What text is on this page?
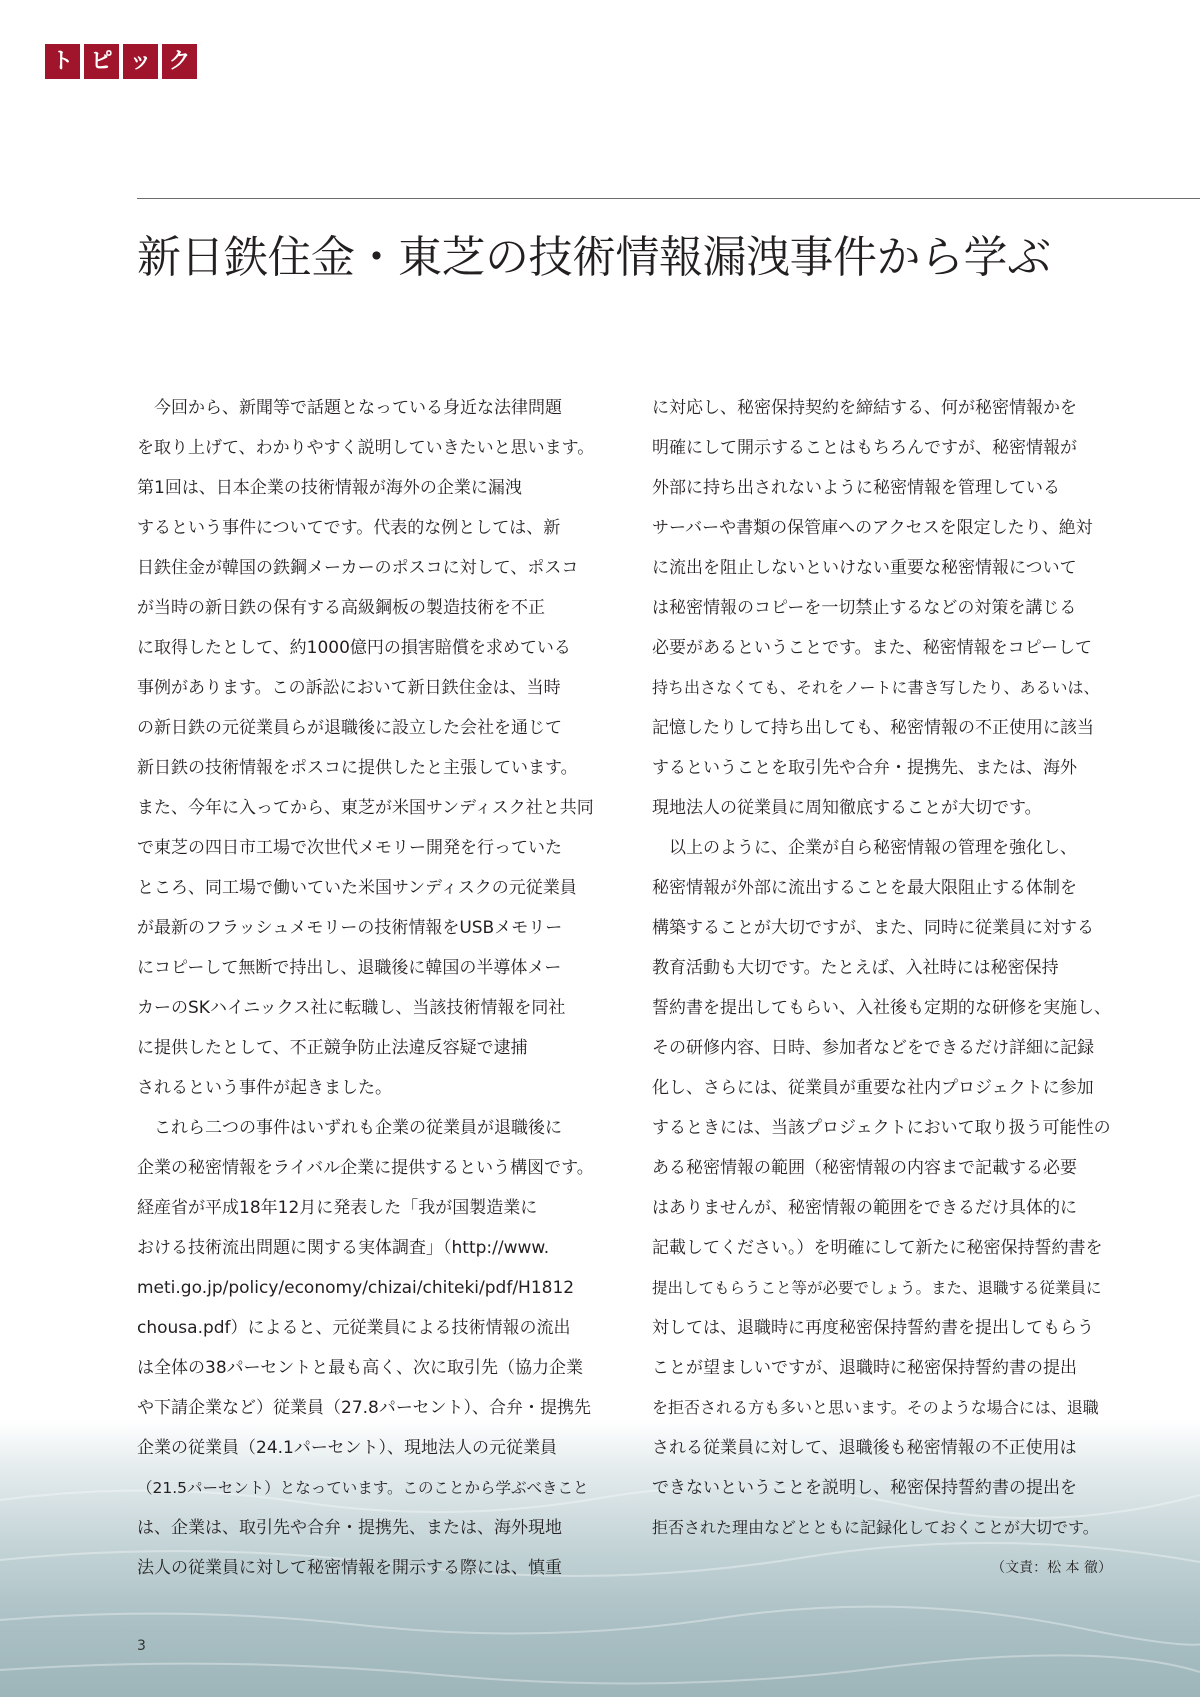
ト ピ ッ ク
新日鉄住金・東芝の技術情報漏洩事件から学ぶ
　今回から、新聞等で話題となっている身近な法律問題
を取り上げて、わかりやすく説明していきたいと思います。
第1回は、日本企業の技術情報が海外の企業に漏洩
するという事件についてです。代表的な例としては、新
日鉄住金が韓国の鉄鋼メーカーのポスコに対して、ポスコ
が当時の新日鉄の保有する高級鋼板の製造技術を不正
に取得したとして、約1000億円の損害賠償を求めている
事例があります。この訴訟において新日鉄住金は、当時
の新日鉄の元従業員らが退職後に設立した会社を通じて
新日鉄の技術情報をポスコに提供したと主張しています。
また、今年に入ってから、東芝が米国サンディスク社と共同
で東芝の四日市工場で次世代メモリー開発を行っていた
ところ、同工場で働いていた米国サンディスクの元従業員
が最新のフラッシュメモリーの技術情報をUSBメモリー
にコピーして無断で持出し、退職後に韓国の半導体メー
カーのSKハイニックス社に転職し、当該技術情報を同社
に提供したとして、不正競争防止法違反容疑で逮捕
されるという事件が起きました。
　これら二つの事件はいずれも企業の従業員が退職後に
企業の秘密情報をライバル企業に提供するという構図です。
経産省が平成18年12月に発表した「我が国製造業に
おける技術流出問題に関する実体調査」（http://www.
meti.go.jp/policy/economy/chizai/chiteki/pdf/H1812
chousa.pdf）によると、元従業員による技術情報の流出
は全体の38パーセントと最も高く、次に取引先（協力企業
や下請企業など）従業員（27.8パーセント）、合弁・提携先
企業の従業員（24.1パーセント）、現地法人の元従業員
（21.5パーセント）となっています。このことから学ぶべきこと
は、企業は、取引先や合弁・提携先、または、海外現地
法人の従業員に対して秘密情報を開示する際には、慎重
に対応し、秘密保持契約を締結する、何が秘密情報かを
明確にして開示することはもちろんですが、秘密情報が
外部に持ち出されないように秘密情報を管理している
サーバーや書類の保管庫へのアクセスを限定したり、絶対
に流出を阻止しないといけない重要な秘密情報について
は秘密情報のコピーを一切禁止するなどの対策を講じる
必要があるということです。また、秘密情報をコピーして
持ち出さなくても、それをノートに書き写したり、あるいは、
記憶したりして持ち出しても、秘密情報の不正使用に該当
するということを取引先や合弁・提携先、または、海外
現地法人の従業員に周知徹底することが大切です。
　以上のように、企業が自ら秘密情報の管理を強化し、
秘密情報が外部に流出することを最大限阻止する体制を
構築することが大切ですが、また、同時に従業員に対する
教育活動も大切です。たとえば、入社時には秘密保持
誓約書を提出してもらい、入社後も定期的な研修を実施し、
その研修内容、日時、参加者などをできるだけ詳細に記録
化し、さらには、従業員が重要な社内プロジェクトに参加
するときには、当該プロジェクトにおいて取り扱う可能性の
ある秘密情報の範囲（秘密情報の内容まで記載する必要
はありませんが、秘密情報の範囲をできるだけ具体的に
記載してください。）を明確にして新たに秘密保持誓約書を
提出してもらうこと等が必要でしょう。また、退職する従業員に
対しては、退職時に再度秘密保持誓約書を提出してもらう
ことが望ましいですが、退職時に秘密保持誓約書の提出
を拒否される方も多いと思います。そのような場合には、退職
される従業員に対して、退職後も秘密情報の不正使用は
できないということを説明し、秘密保持誓約書の提出を
拒否された理由などとともに記録化しておくことが大切です。
（文責：松 本 徹）
3
